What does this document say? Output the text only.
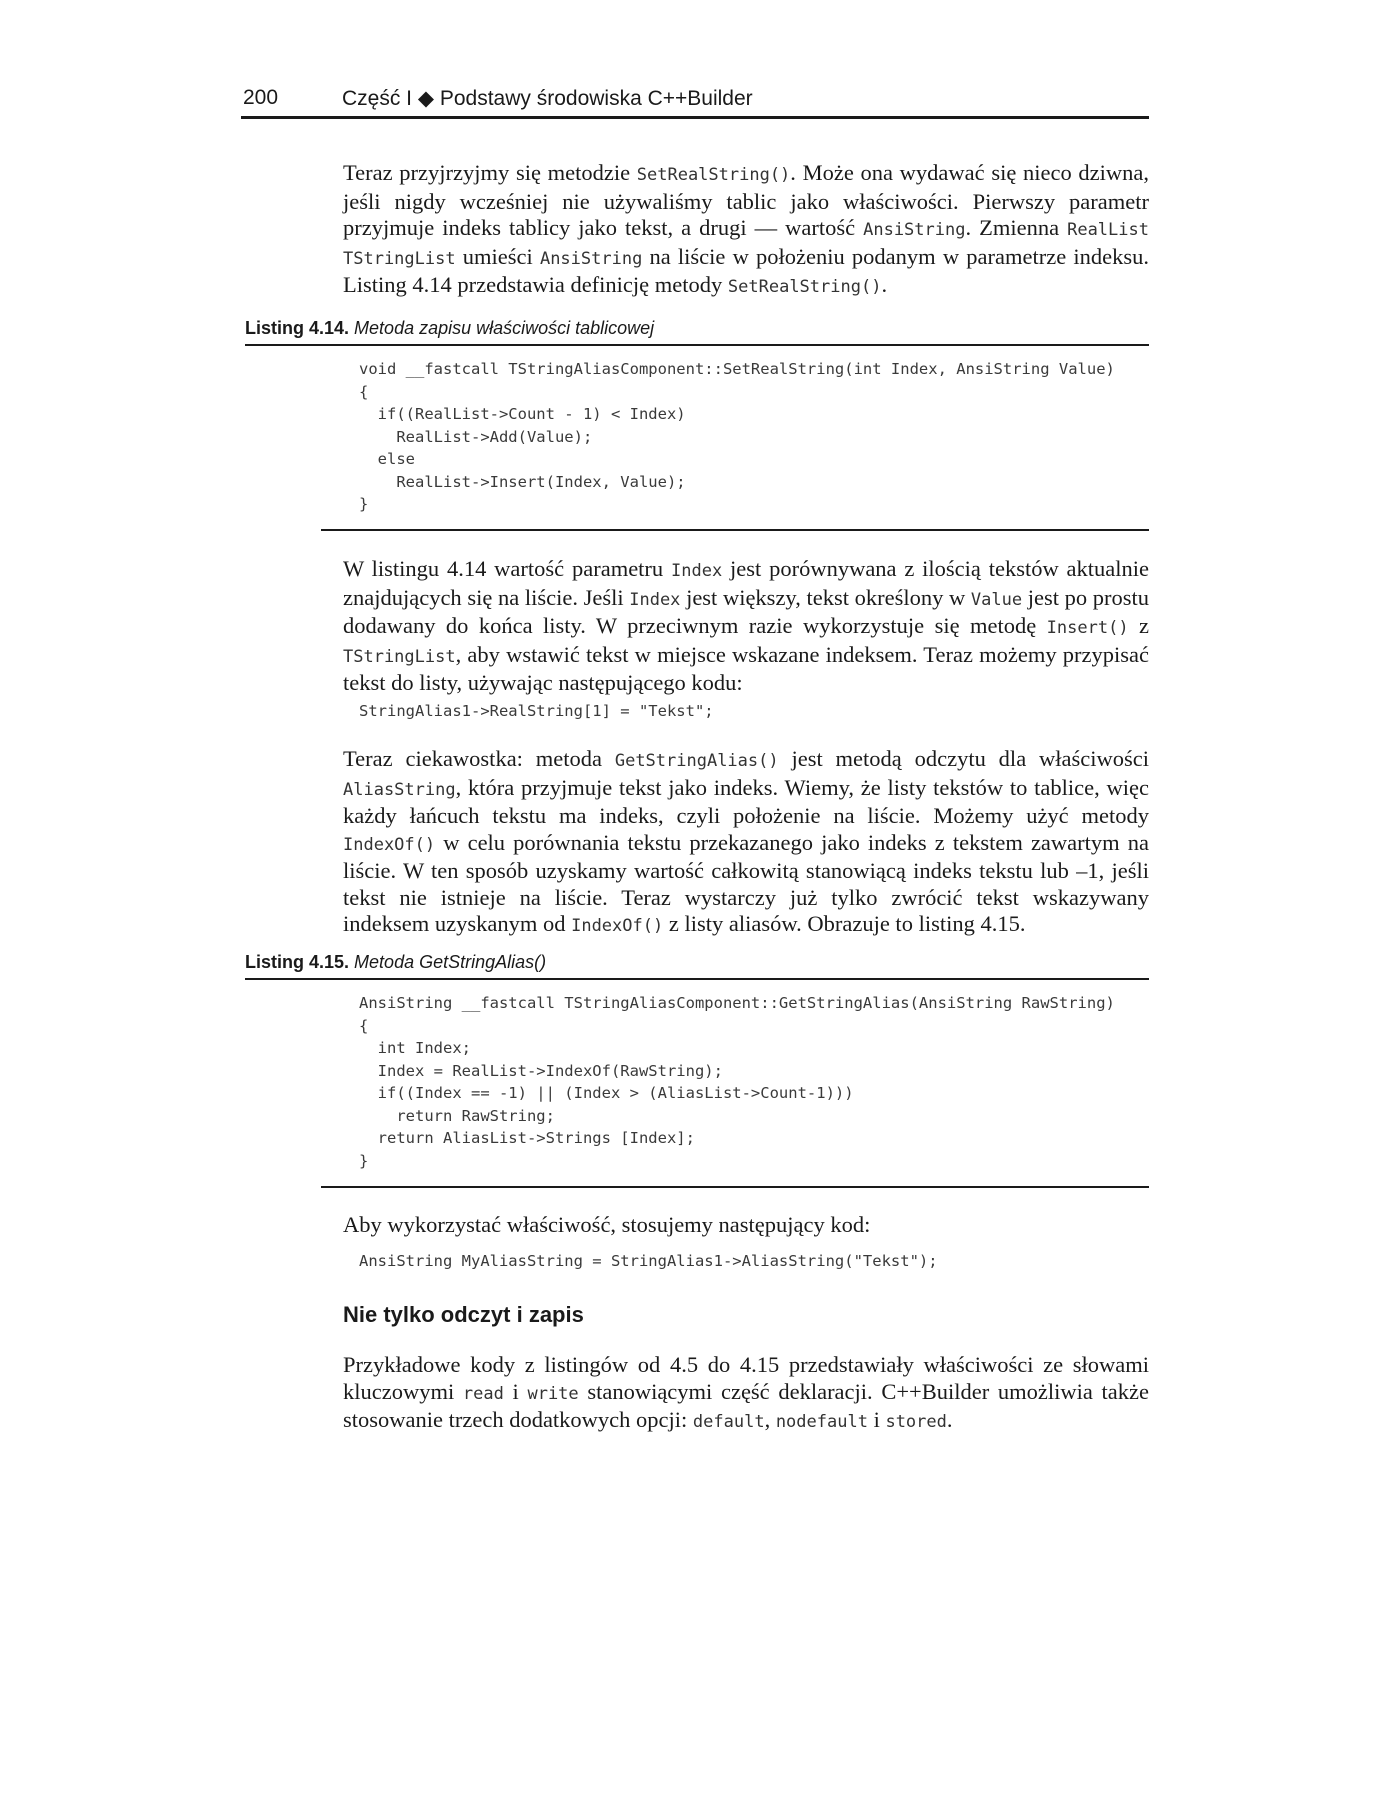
200	Część I ◆ Podstawy środowiska C++Builder

Teraz przyjrzyjmy się metodzie SetRealString(). Może ona wydawać się nieco dziwna, jeśli nigdy wcześniej nie używaliśmy tablic jako właściwości. Pierwszy parametr przyjmuje indeks tablicy jako tekst, a drugi — wartość AnsiString. Zmienna RealList TStringList umieści AnsiString na liście w położeniu podanym w parametrze indeksu. Listing 4.14 przedstawia definicję metody SetRealString().

Listing 4.14. Metoda zapisu właściwości tablicowej
void __fastcall TStringAliasComponent::SetRealString(int Index, AnsiString Value)
{
if((RealList->Count - 1) < Index)
RealList->Add(Value);
else
RealList->Insert(Index, Value);
}

W listingu 4.14 wartość parametru Index jest porównywana z ilością tekstów aktualnie znajdujących się na liście. Jeśli Index jest większy, tekst określony w Value jest po prostu dodawany do końca listy. W przeciwnym razie wykorzystuje się metodę Insert() z TStringList, aby wstawić tekst w miejsce wskazane indeksem. Teraz możemy przypisać tekst do listy, używając następującego kodu:

StringAlias1->RealString[1] = "Tekst";

Teraz ciekawostka: metoda GetStringAlias() jest metodą odczytu dla właściwości AliasString, która przyjmuje tekst jako indeks. Wiemy, że listy tekstów to tablice, więc każdy łańcuch tekstu ma indeks, czyli położenie na liście. Możemy użyć metody IndexOf() w celu porównania tekstu przekazanego jako indeks z tekstem zawartym na liście. W ten sposób uzyskamy wartość całkowitą stanowiącą indeks tekstu lub –1, jeśli tekst nie istnieje na liście. Teraz wystarczy już tylko zwrócić tekst wskazywany indeksem uzyskanym od IndexOf() z listy aliasów. Obrazuje to listing 4.15.

Listing 4.15. Metoda GetStringAlias()
AnsiString __fastcall TStringAliasComponent::GetStringAlias(AnsiString RawString)
{
int Index;
Index = RealList->IndexOf(RawString);
if((Index == -1) || (Index > (AliasList->Count-1)))
return RawString;
return AliasList->Strings [Index];
}

Aby wykorzystać właściwość, stosujemy następujący kod:

AnsiString MyAliasString = StringAlias1->AliasString("Tekst");
Nie tylko odczyt i zapis

Przykładowe kody z listingów od 4.5 do 4.15 przedstawiały właściwości ze słowami kluczowymi read i write stanowiącymi część deklaracji. C++Builder umożliwia także stosowanie trzech dodatkowych opcji: default, nodefault i stored.
